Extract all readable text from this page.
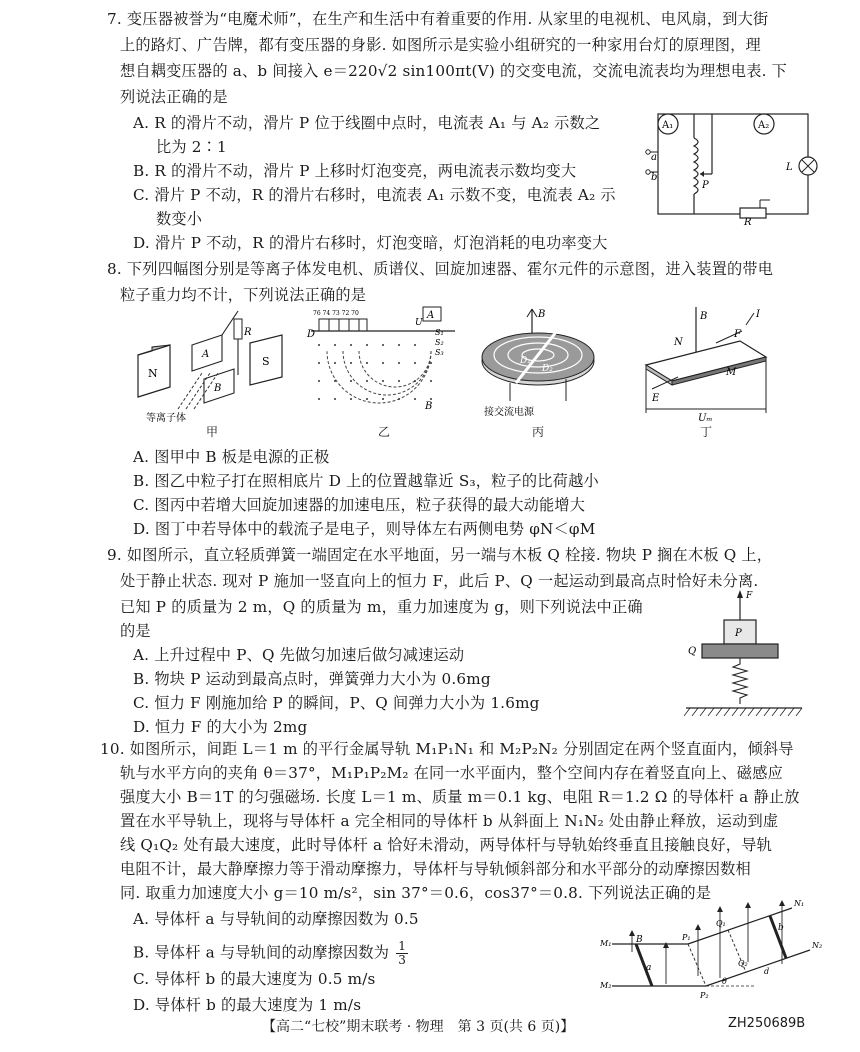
7. 变压器被誉为“电魔术师”，在生产和生活中有着重要的作用. 从家里的电视机、电风扇，到大街
上的路灯、广告牌，都有变压器的身影. 如图所示是实验小组研究的一种家用台灯的原理图，理
想自耦变压器的 a、b 间接入 e＝220√2 sin100πt(V) 的交变电流，交流电流表均为理想电表. 下
列说法正确的是
A. R 的滑片不动，滑片 P 位于线圈中点时，电流表 A₁ 与 A₂ 示数之
比为 2∶1
B. R 的滑片不动，滑片 P 上移时灯泡变亮，两电流表示数均变大
C. 滑片 P 不动，R 的滑片右移时，电流表 A₁ 示数不变，电流表 A₂ 示
数变小
D. 滑片 P 不动，R 的滑片右移时，灯泡变暗，灯泡消耗的电功率变大
A₁	A₂
P
a
b
L
R
8. 下列四幅图分别是等离子体发电机、质谱仪、回旋加速器、霍尔元件的示意图，进入装置的带电
粒子重力均不计，下列说法正确的是
N
S
A
B
R
等离子体
甲
76 74 73 72 70
D
A
U
S₁
S₂
S₃
B
乙
B
D₁
D₂
接交流电源
丙
B
N
M
F
I
E
Uₘ
丁
A. 图甲中 B 板是电源的正极
B. 图乙中粒子打在照相底片 D 上的位置越靠近 S₃，粒子的比荷越小
C. 图丙中若增大回旋加速器的加速电压，粒子获得的最大动能增大
D. 图丁中若导体中的载流子是电子，则导体左右两侧电势 φN＜φM
9. 如图所示，直立轻质弹簧一端固定在水平地面，另一端与木板 Q 栓接. 物块 P 搁在木板 Q 上，
处于静止状态. 现对 P 施加一竖直向上的恒力 F，此后 P、Q 一起运动到最高点时恰好未分离.
已知 P 的质量为 2 m，Q 的质量为 m，重力加速度为 g，则下列说法中正确
的是
A. 上升过程中 P、Q 先做匀加速后做匀减速运动
B. 物块 P 运动到最高点时，弹簧弹力大小为 0.6mg
C. 恒力 F 刚施加给 P 的瞬间，P、Q 间弹力大小为 1.6mg
D. 恒力 F 的大小为 2mg
F
P
Q
10. 如图所示，间距 L＝1 m 的平行金属导轨 M₁P₁N₁ 和 M₂P₂N₂ 分别固定在两个竖直面内，倾斜导
轨与水平方向的夹角 θ＝37°，M₁P₁P₂M₂ 在同一水平面内，整个空间内存在着竖直向上、磁感应
强度大小 B＝1T 的匀强磁场. 长度 L＝1 m、质量 m＝0.1 kg、电阻 R＝1.2 Ω 的导体杆 a 静止放
置在水平导轨上，现将与导体杆 a 完全相同的导体杆 b 从斜面上 N₁N₂ 处由静止释放，运动到虚
线 Q₁Q₂ 处有最大速度，此时导体杆 a 恰好未滑动，两导体杆与导轨始终垂直且接触良好，导轨
电阻不计，最大静摩擦力等于滑动摩擦力，导体杆与导轨倾斜部分和水平部分的动摩擦因数相
同. 取重力加速度大小 g＝10 m/s²，sin 37°＝0.6，cos37°＝0.8. 下列说法正确的是
A. 导体杆 a 与导轨间的动摩擦因数为 0.5
B. 导体杆 a 与导轨间的动摩擦因数为 $\frac{1}{3}$
C. 导体杆 b 的最大速度为 0.5 m/s
D. 导体杆 b 的最大速度为 1 m/s
a
b
B
M₁
M₂
P₁
P₂
Q₁
Q₂
N₁
N₂
θ
d
【高二“七校”期末联考 · 物理　第 3 页(共 6 页)】	ZH250689B
